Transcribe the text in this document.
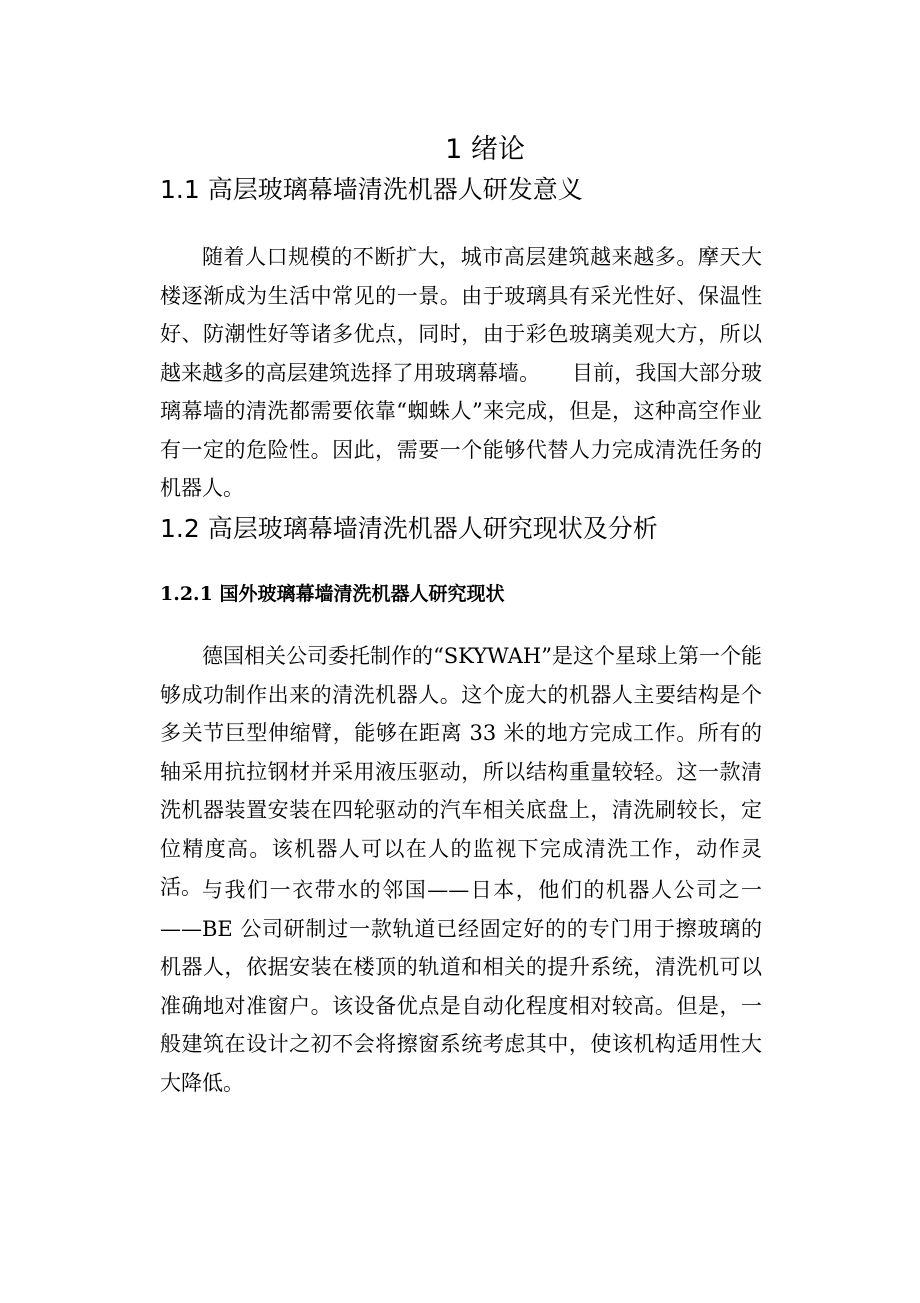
1 绪论
1.1 高层玻璃幕墙清洗机器人研发意义
随着人口规模的不断扩大，城市高层建筑越来越多。摩天大楼逐渐成为生活中常见的一景。由于玻璃具有采光性好、保温性好、防潮性好等诸多优点，同时，由于彩色玻璃美观大方，所以越来越多的高层建筑选择了用玻璃幕墙。　　目前，我国大部分玻璃幕墙的清洗都需要依靠“蜘蛛人”来完成，但是，这种高空作业有一定的危险性。因此，需要一个能够代替人力完成清洗任务的机器人。
1.2 高层玻璃幕墙清洗机器人研究现状及分析
1.2.1 国外玻璃幕墙清洗机器人研究现状
德国相关公司委托制作的“SKYWAH”是这个星球上第一个能够成功制作出来的清洗机器人。这个庞大的机器人主要结构是个多关节巨型伸缩臂，能够在距离 33 米的地方完成工作。所有的轴采用抗拉钢材并采用液压驱动，所以结构重量较轻。这一款清洗机器装置安装在四轮驱动的汽车相关底盘上，清洗刷较长，定位精度高。该机器人可以在人的监视下完成清洗工作，动作灵活。 与我们一衣带水的邻国——日本，他们的机器人公司之一——BE 公司研制过一款轨道已经固定好的的专门用于擦玻璃的机器人，依据安装在楼顶的轨道和相关的提升系统，清洗机可以准确地对准窗户。该设备优点是自动化程度相对较高。但是，一般建筑在设计之初不会将擦窗系统考虑其中，使该机构适用性大大降低。
